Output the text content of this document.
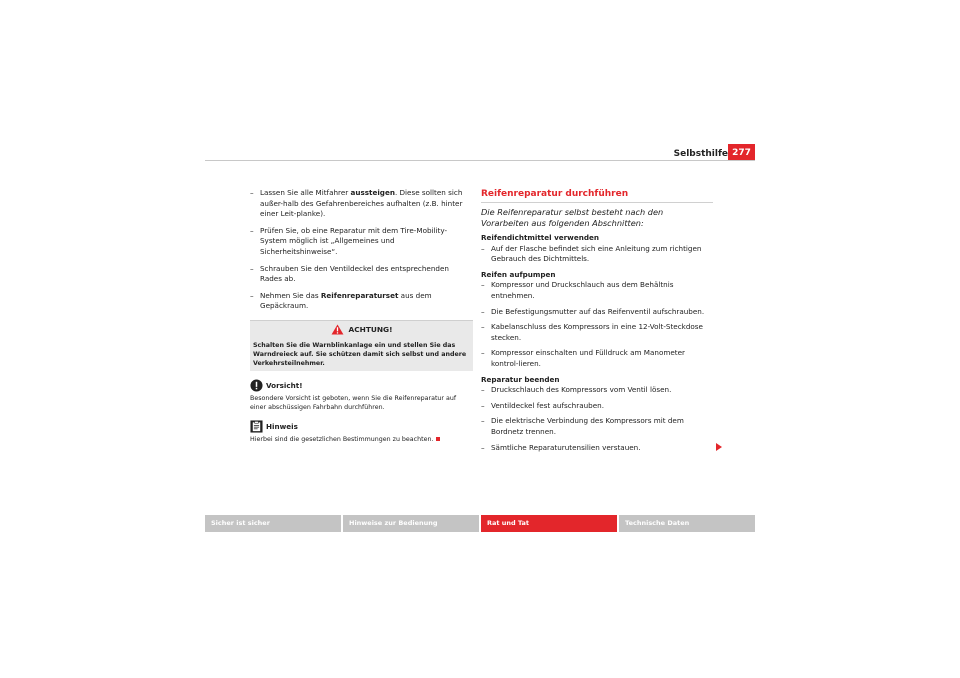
Selbsthilfe 277
– Lassen Sie alle Mitfahrer aussteigen. Diese sollten sich außer-halb des Gefahrenbereiches aufhalten (z.B. hinter einer Leit-planke).
– Prüfen Sie, ob eine Reparatur mit dem Tire-Mobility-System möglich ist „Allgemeines und Sicherheitshinweise“.
– Schrauben Sie den Ventildeckel des entsprechenden Rades ab.
– Nehmen Sie das Reifenreparaturset aus dem Gepäckraum.
ACHTUNG!
Schalten Sie die Warnblinkanlage ein und stellen Sie das Warndreieck auf. Sie schützen damit sich selbst und andere Verkehrsteilnehmer.
Vorsicht!
Besondere Vorsicht ist geboten, wenn Sie die Reifenreparatur auf einer abschüssigen Fahrbahn durchführen.
Hinweis
Hierbei sind die gesetzlichen Bestimmungen zu beachten.
Reifenreparatur durchführen
Die Reifenreparatur selbst besteht nach den Vorarbeiten aus folgenden Abschnitten:
Reifendichtmittel verwenden
– Auf der Flasche befindet sich eine Anleitung zum richtigen Gebrauch des Dichtmittels.
Reifen aufpumpen
– Kompressor und Druckschlauch aus dem Behältnis entnehmen.
– Die Befestigungsmutter auf das Reifenventil aufschrauben.
– Kabelanschluss des Kompressors in eine 12-Volt-Steckdose stecken.
– Kompressor einschalten und Fülldruck am Manometer kontrol-lieren.
Reparatur beenden
– Druckschlauch des Kompressors vom Ventil lösen.
– Ventildeckel fest aufschrauben.
– Die elektrische Verbindung des Kompressors mit dem Bordnetz trennen.
– Sämtliche Reparaturutensilien verstauen.
Sicher ist sicher	Hinweise zur Bedienung	Rat und Tat	Technische Daten
